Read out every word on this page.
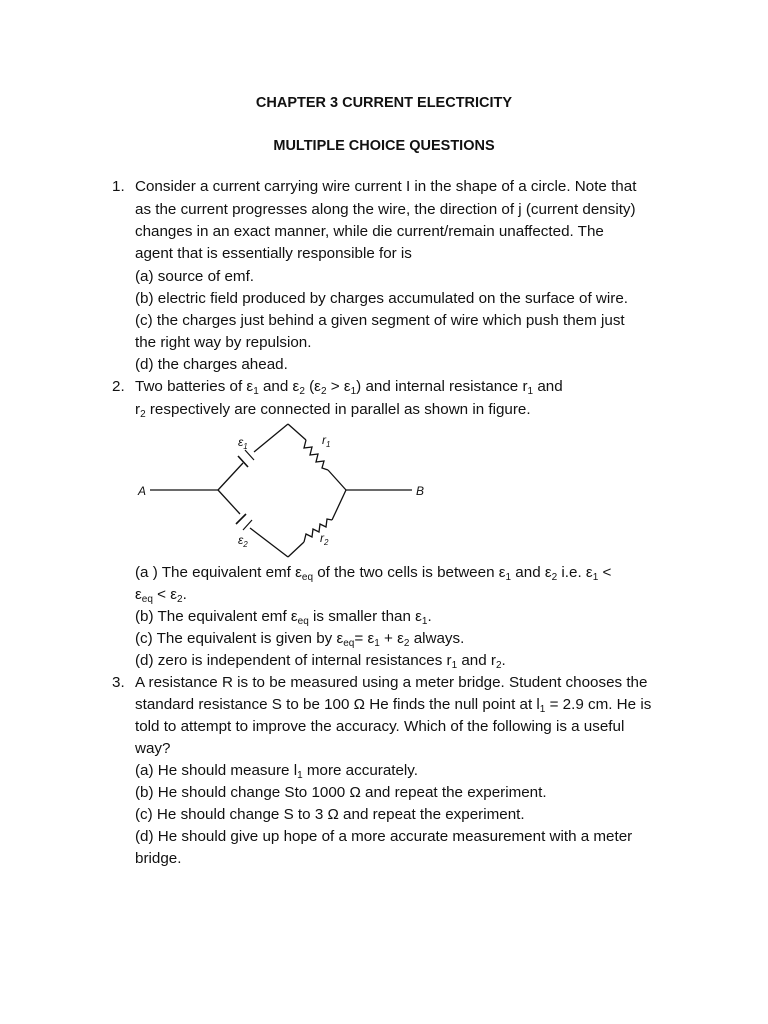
CHAPTER 3 CURRENT ELECTRICITY
MULTIPLE CHOICE QUESTIONS
1. Consider a current carrying wire current I in the shape of a circle. Note that
as the current progresses along the wire, the direction of j (current density)
changes in an exact manner, while die current/remain unaffected. The
agent that is essentially responsible for is
(a) source of emf.
(b) electric field produced by charges accumulated on the surface of wire.
(c) the charges just behind a given segment of wire which push them just
the right way by repulsion.
(d) the charges ahead.
2. Two batteries of $\varepsilon_1$ and $\varepsilon_2$ $(\varepsilon_2 > \varepsilon_1)$ and internal resistance $r_1$ and
$r_2$ respectively are connected in parallel as shown in figure.
A	B
$\varepsilon_1$
$\varepsilon_2$
$r_1$
$r_2$
(a ) The equivalent emf $\varepsilon_{eq}$ of the two cells is between $\varepsilon_1$ and $\varepsilon_2$ i.e. $\varepsilon_1$ <
$\varepsilon_{eq} < \varepsilon_2$.
(b) The equivalent emf $\varepsilon_{eq}$ is smaller than $\varepsilon_1$.
(c) The equivalent is given by $\varepsilon_{eq}= \varepsilon_1 + \varepsilon_2$ always.
(d) zero is independent of internal resistances $r_1$ and $r_2$.
3. A resistance R is to be measured using a meter bridge. Student chooses the
standard resistance S to be 100 Ω He finds the null point at $l_1 = 2.9$ cm. He is
told to attempt to improve the accuracy. Which of the following is a useful
way?
(a) He should measure $l_1$ more accurately.
(b) He should change Sto 1000 Ω and repeat the experiment.
(c) He should change S to 3 Ω and repeat the experiment.
(d) He should give up hope of a more accurate measurement with a meter
bridge.
